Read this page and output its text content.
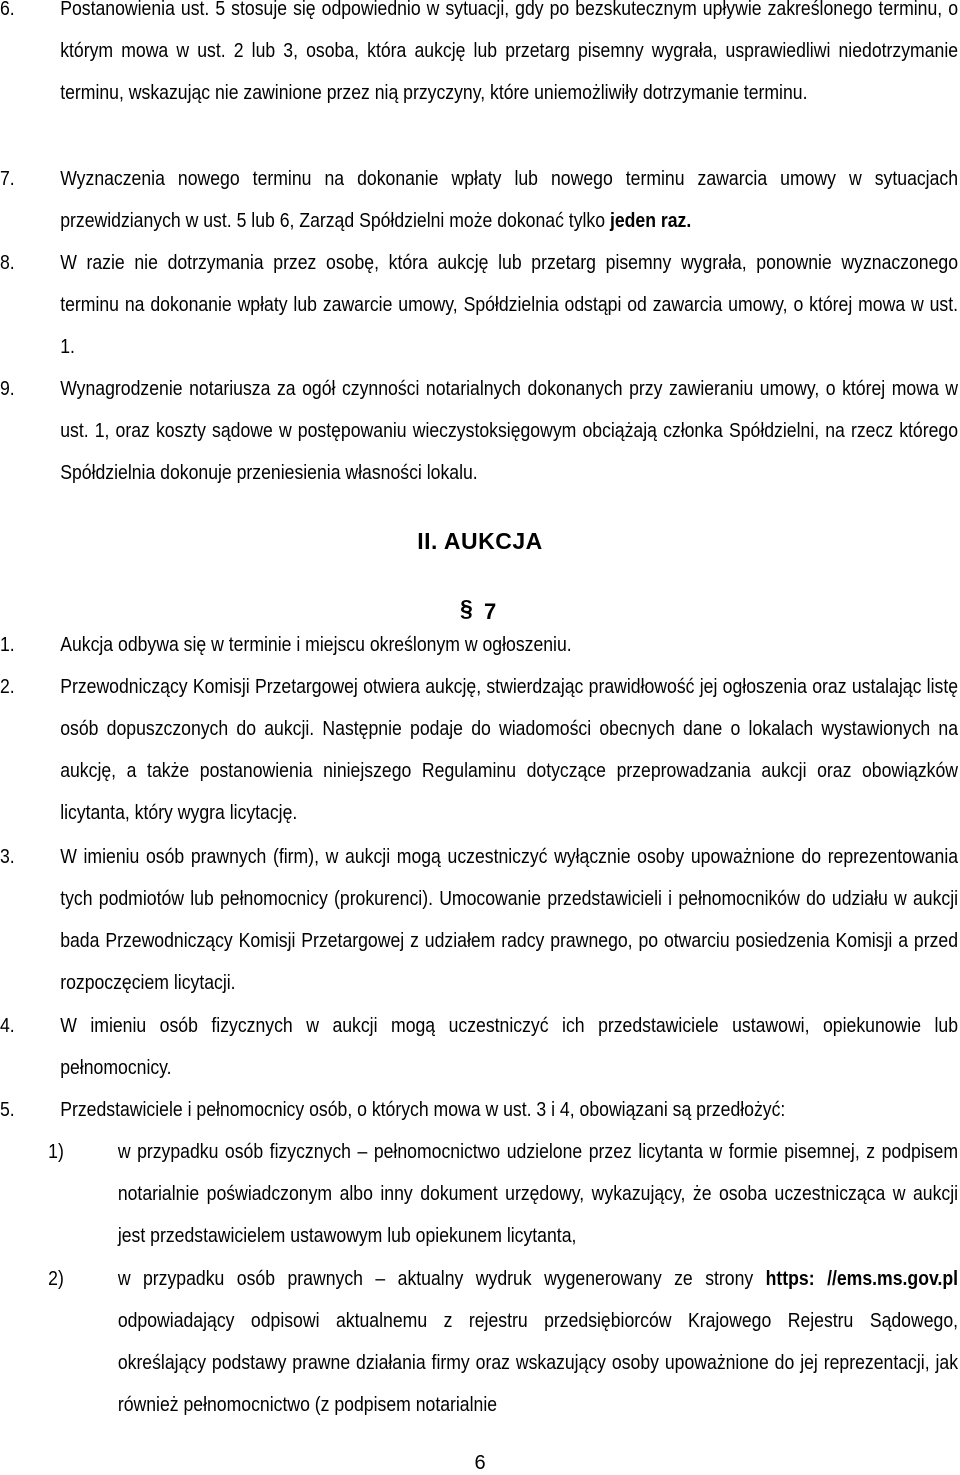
6.	Postanowienia ust. 5 stosuje się odpowiednio w sytuacji, gdy po bezskutecznym upływie zakreślonego terminu, o którym mowa w ust. 2 lub 3, osoba, która aukcję lub przetarg pisemny wygrała, usprawiedliwi niedotrzymanie terminu, wskazując nie zawinione przez nią przyczyny, które uniemożliwiły dotrzymanie terminu.
7.	Wyznaczenia nowego terminu na dokonanie wpłaty lub nowego terminu zawarcia umowy w sytuacjach przewidzianych w ust. 5 lub 6, Zarząd Spółdzielni może dokonać tylko jeden raz.
8.	W razie nie dotrzymania przez osobę, która aukcję lub przetarg pisemny wygrała, ponownie wyznaczonego terminu na dokonanie wpłaty lub zawarcie umowy, Spółdzielnia odstąpi od zawarcia umowy, o której mowa w ust. 1.
9.	Wynagrodzenie notariusza za ogół czynności notarialnych dokonanych przy zawieraniu umowy, o której mowa w ust. 1, oraz koszty sądowe w postępowaniu wieczystoksięgowym obciążają członka Spółdzielni, na rzecz którego Spółdzielnia dokonuje przeniesienia własności lokalu.
II. AUKCJA
§ 7
1.	Aukcja odbywa się w terminie i miejscu określonym w ogłoszeniu.
2.	Przewodniczący Komisji Przetargowej otwiera aukcję, stwierdzając prawidłowość jej ogłoszenia oraz ustalając listę osób dopuszczonych do aukcji. Następnie podaje do wiadomości obecnych dane o lokalach wystawionych na aukcję, a także postanowienia niniejszego Regulaminu dotyczące przeprowadzania aukcji oraz obowiązków licytanta, który wygra licytację.
3.	W imieniu osób prawnych (firm), w aukcji mogą uczestniczyć wyłącznie osoby upoważnione do reprezentowania tych podmiotów lub pełnomocnicy (prokurenci). Umocowanie przedstawicieli i pełnomocników do udziału w aukcji bada Przewodniczący Komisji Przetargowej z udziałem radcy prawnego, po otwarciu posiedzenia Komisji a przed rozpoczęciem licytacji.
4.	W imieniu osób fizycznych w aukcji mogą uczestniczyć ich przedstawiciele ustawowi, opiekunowie lub pełnomocnicy.
5.	Przedstawiciele i pełnomocnicy osób, o których mowa w ust. 3 i 4, obowiązani są przedłożyć:
1)	w przypadku osób fizycznych – pełnomocnictwo udzielone przez licytanta w formie pisemnej, z podpisem notarialnie poświadczonym albo inny dokument urzędowy, wykazujący, że osoba uczestnicząca w aukcji jest przedstawicielem ustawowym lub opiekunem licytanta,
2)	w przypadku osób prawnych – aktualny wydruk wygenerowany ze strony https: //ems.ms.gov.pl odpowiadający odpisowi aktualnemu z rejestru przedsiębiorców Krajowego Rejestru Sądowego, określający podstawy prawne działania firmy oraz wskazujący osoby upoważnione do jej reprezentacji, jak również pełnomocnictwo (z podpisem notarialnie
6
